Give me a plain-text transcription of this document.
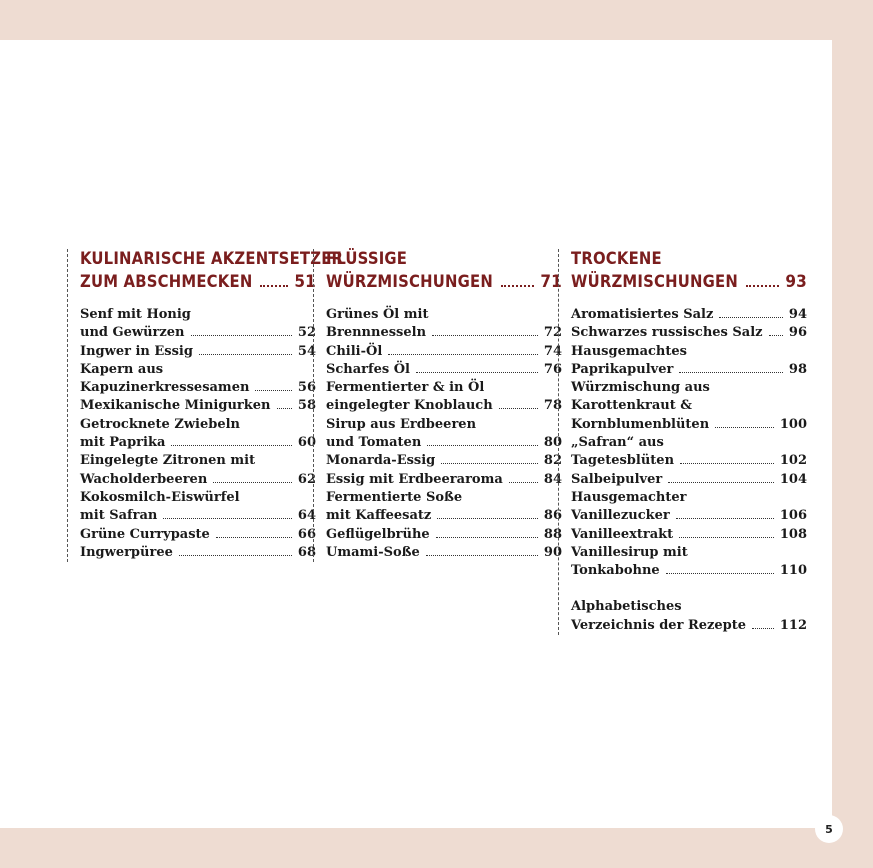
KULINARISCHE AKZENTSETZER
ZUM ABSCHMECKEN 51
Senf mit Honig
und Gewürzen	52
Ingwer in Essig	54
Kapern aus
Kapuzinerkressesamen	56
Mexikanische Minigurken 58
Getrocknete Zwiebeln
mit Paprika	60
Eingelegte Zitronen mit
Wacholderbeeren	62
Kokosmilch-Eiswürfel
mit Safran	64
Grüne Currypaste	66
Ingwerpüree	68
FLÜSSIGE
WÜRZMISCHUNGEN	71
Grünes Öl mit
Brennnesseln	72
Chili-Öl	74
Scharfes Öl	76
Fermentierter & in Öl
eingelegter Knoblauch	78
Sirup aus Erdbeeren
und Tomaten	80
Monarda-Essig	82
Essig mit Erdbeeraroma	84
Fermentierte Soße
mit Kaffeesatz	86
Geflügelbrühe	88
Umami-Soße	90
TROCKENE
WÜRZMISCHUNGEN	93
Aromatisiertes Salz	94
Schwarzes russisches Salz 96
Hausgemachtes
Paprikapulver	98
Würzmischung aus
Karottenkraut &
Kornblumenblüten	100
„Safran“ aus
Tagetesblüten	102
Salbeipulver	104
Hausgemachter
Vanillezucker	106
Vanilleextrakt	108
Vanillesirup mit
Tonkabohne	110
Alphabetisches
Verzeichnis der Rezepte	112
5
